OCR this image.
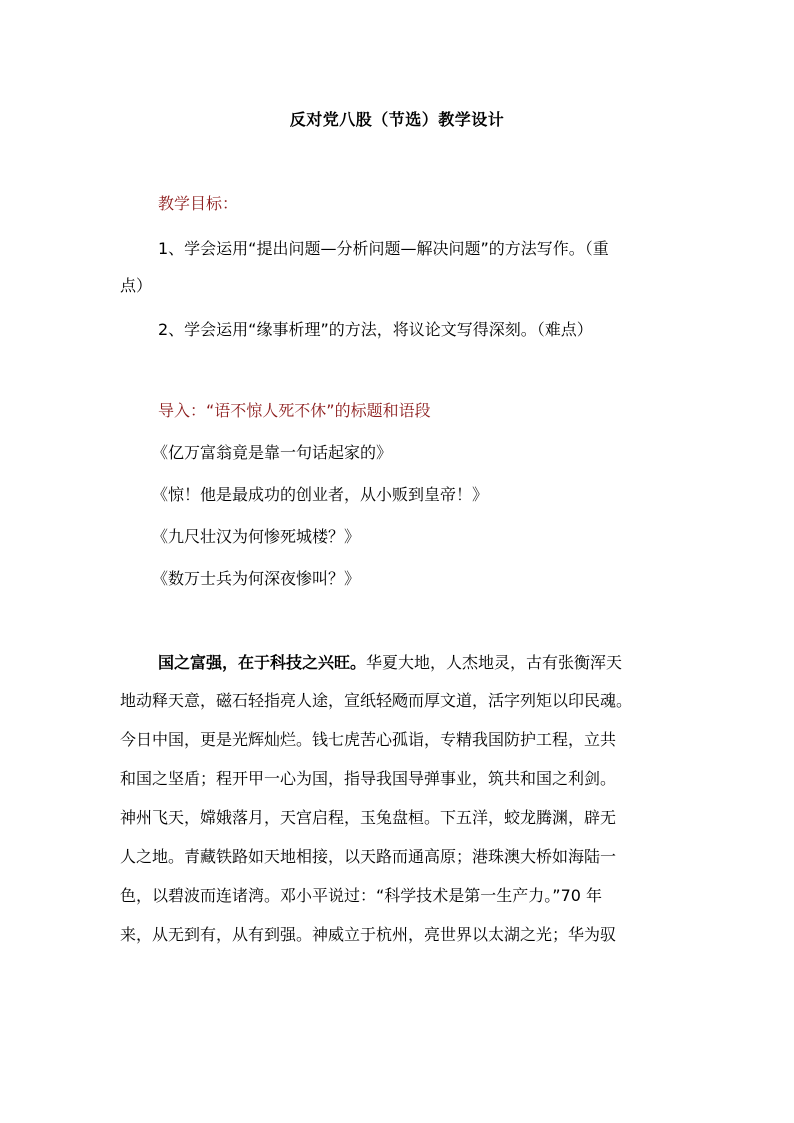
反对党八股（节选）教学设计
教学目标：
1、学会运用“提出问题—分析问题—解决问题”的方法写作。（重
点）
2、学会运用“缘事析理”的方法，将议论文写得深刻。（难点）
导入：“语不惊人死不休”的标题和语段
《亿万富翁竟是靠一句话起家的》
《惊！他是最成功的创业者，从小贩到皇帝！》
《九尺壮汉为何惨死城楼？》
《数万士兵为何深夜惨叫？》
国之富强，在于科技之兴旺。华夏大地，人杰地灵，古有张衡浑天
地动释天意，磁石轻指亮人途，宣纸轻飏而厚文道，活字列矩以印民魂。
今日中国，更是光辉灿烂。钱七虎苦心孤诣，专精我国防护工程，立共
和国之坚盾；程开甲一心为国，指导我国导弹事业，筑共和国之利剑。
神州飞天，嫦娥落月，天宫启程，玉兔盘桓。下五洋，蛟龙腾渊，辟无
人之地。青藏铁路如天地相接，以天路而通高原；港珠澳大桥如海陆一
色，以碧波而连诸湾。邓小平说过：“科学技术是第一生产力。”70 年
来，从无到有，从有到强。神威立于杭州，亮世界以太湖之光；华为驭
